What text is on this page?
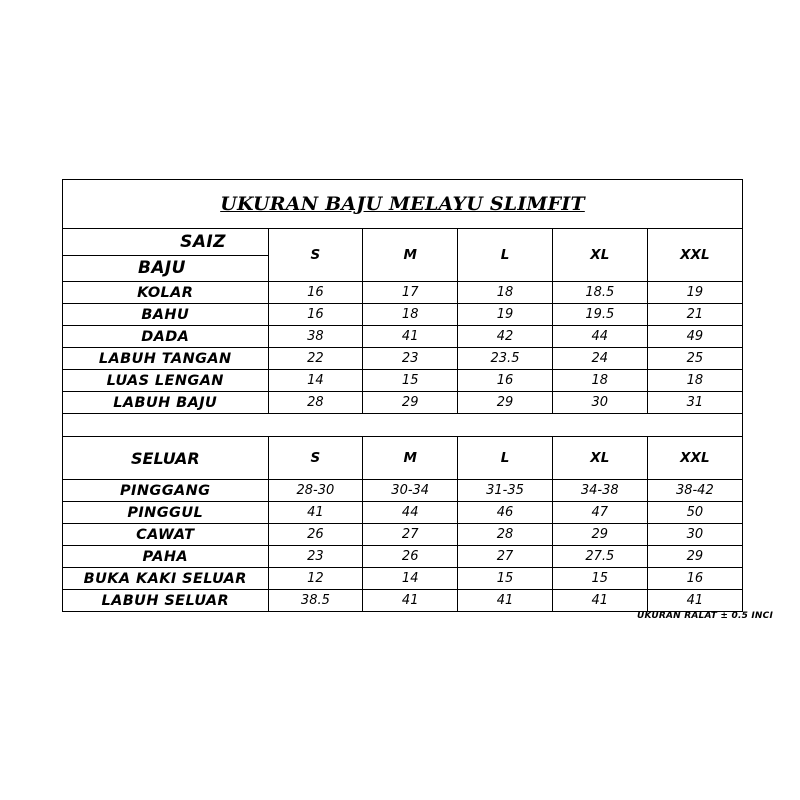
UKURAN BAJU MELAYU SLIMFIT
SAIZ
BAJU	S	M	L	XL	XXL
KOLAR	16	17	18	18.5	19
BAHU	16	18	19	19.5	21
DADA	38	41	42	44	49
LABUH TANGAN	22	23	23.5	24	25
LUAS LENGAN	14	15	16	18	18
LABUH BAJU	28	29	29	30	31

SELUAR	S	M	L	XL	XXL
PINGGANG	28-30	30-34	31-35	34-38	38-42
PINGGUL	41	44	46	47	50
CAWAT	26	27	28	29	30
PAHA	23	26	27	27.5	29
BUKA KAKI SELUAR	12	14	15	15	16
LABUH SELUAR	38.5	41	41	41	41
UKURAN RALAT ± 0.5 INCI
